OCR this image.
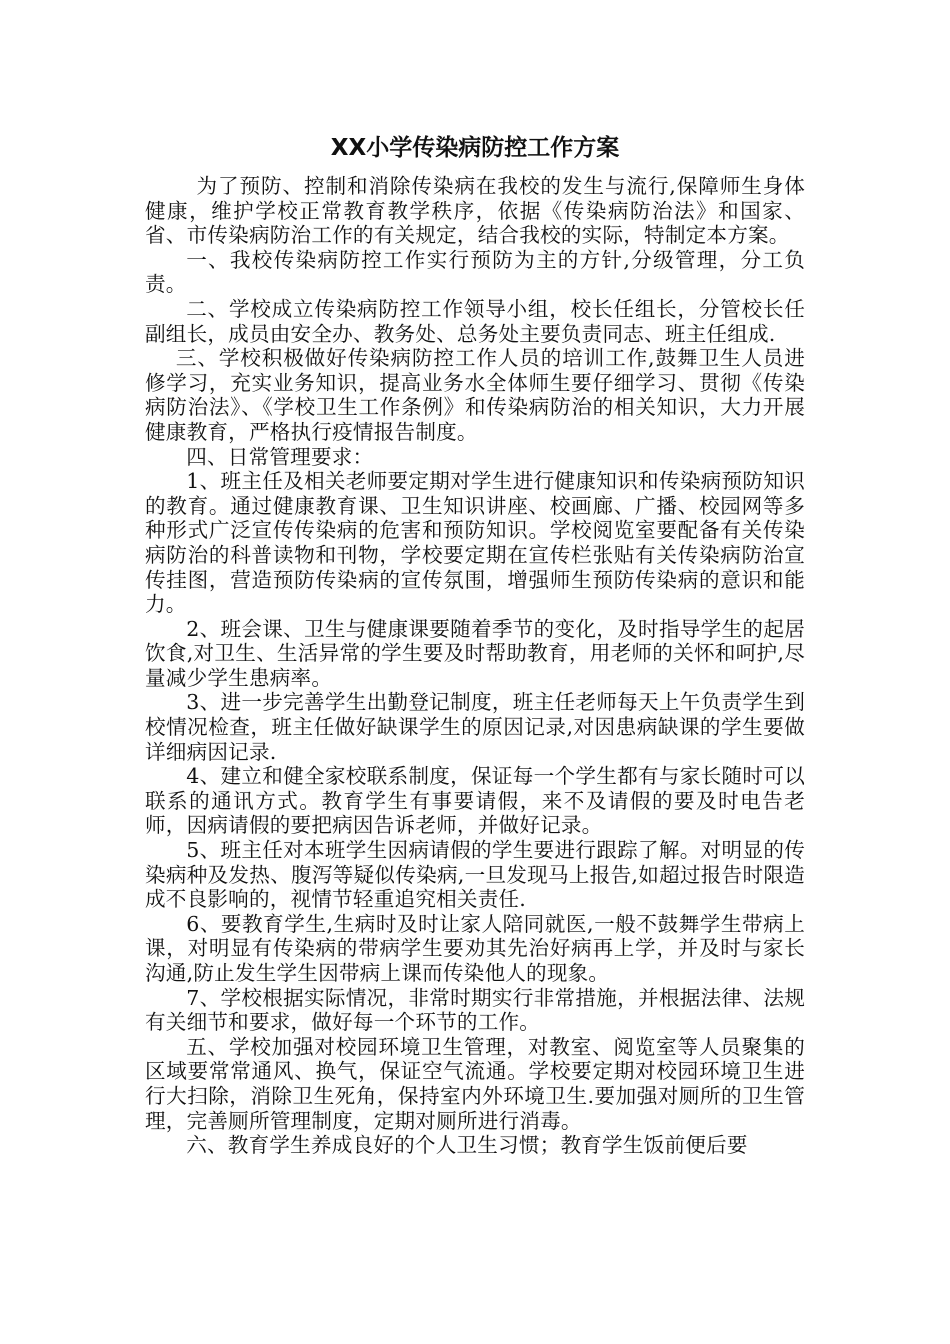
XX小学传染病防控工作方案

为了预防、控制和消除传染病在我校的发生与流行,保障师生身体健康，维护学校正常教育教学秩序，依据《传染病防治法》和国家、省、市传染病防治工作的有关规定，结合我校的实际，特制定本方案。

一、我校传染病防控工作实行预防为主的方针,分级管理，分工负责。

二、学校成立传染病防控工作领导小组，校长任组长，分管校长任副组长，成员由安全办、教务处、总务处主要负责同志、班主任组成.

三、学校积极做好传染病防控工作人员的培训工作,鼓舞卫生人员进修学习，充实业务知识，提高业务水全体师生要仔细学习、贯彻《传染病防治法》、《学校卫生工作条例》和传染病防治的相关知识，大力开展健康教育，严格执行疫情报告制度。

四、日常管理要求：

1、班主任及相关老师要定期对学生进行健康知识和传染病预防知识的教育。通过健康教育课、卫生知识讲座、校画廊、广播、校园网等多种形式广泛宣传传染病的危害和预防知识。学校阅览室要配备有关传染病防治的科普读物和刊物，学校要定期在宣传栏张贴有关传染病防治宣传挂图，营造预防传染病的宣传氛围，增强师生预防传染病的意识和能力。

2、班会课、卫生与健康课要随着季节的变化，及时指导学生的起居饮食,对卫生、生活异常的学生要及时帮助教育，用老师的关怀和呵护,尽量减少学生患病率。

3、进一步完善学生出勤登记制度，班主任老师每天上午负责学生到校情况检查，班主任做好缺课学生的原因记录,对因患病缺课的学生要做详细病因记录.

4、建立和健全家校联系制度，保证每一个学生都有与家长随时可以联系的通讯方式。教育学生有事要请假，来不及请假的要及时电告老师，因病请假的要把病因告诉老师，并做好记录。

5、班主任对本班学生因病请假的学生要进行跟踪了解。对明显的传染病种及发热、腹泻等疑似传染病,一旦发现马上报告,如超过报告时限造成不良影响的，视情节轻重追究相关责任.

6、要教育学生,生病时及时让家人陪同就医,一般不鼓舞学生带病上课，对明显有传染病的带病学生要劝其先治好病再上学，并及时与家长沟通,防止发生学生因带病上课而传染他人的现象。

7、学校根据实际情况，非常时期实行非常措施，并根据法律、法规有关细节和要求，做好每一个环节的工作。

五、学校加强对校园环境卫生管理，对教室、阅览室等人员聚集的区域要常常通风、换气，保证空气流通。学校要定期对校园环境卫生进行大扫除，消除卫生死角，保持室内外环境卫生.要加强对厕所的卫生管理，完善厕所管理制度，定期对厕所进行消毒。

六、教育学生养成良好的个人卫生习惯；教育学生饭前便后要
